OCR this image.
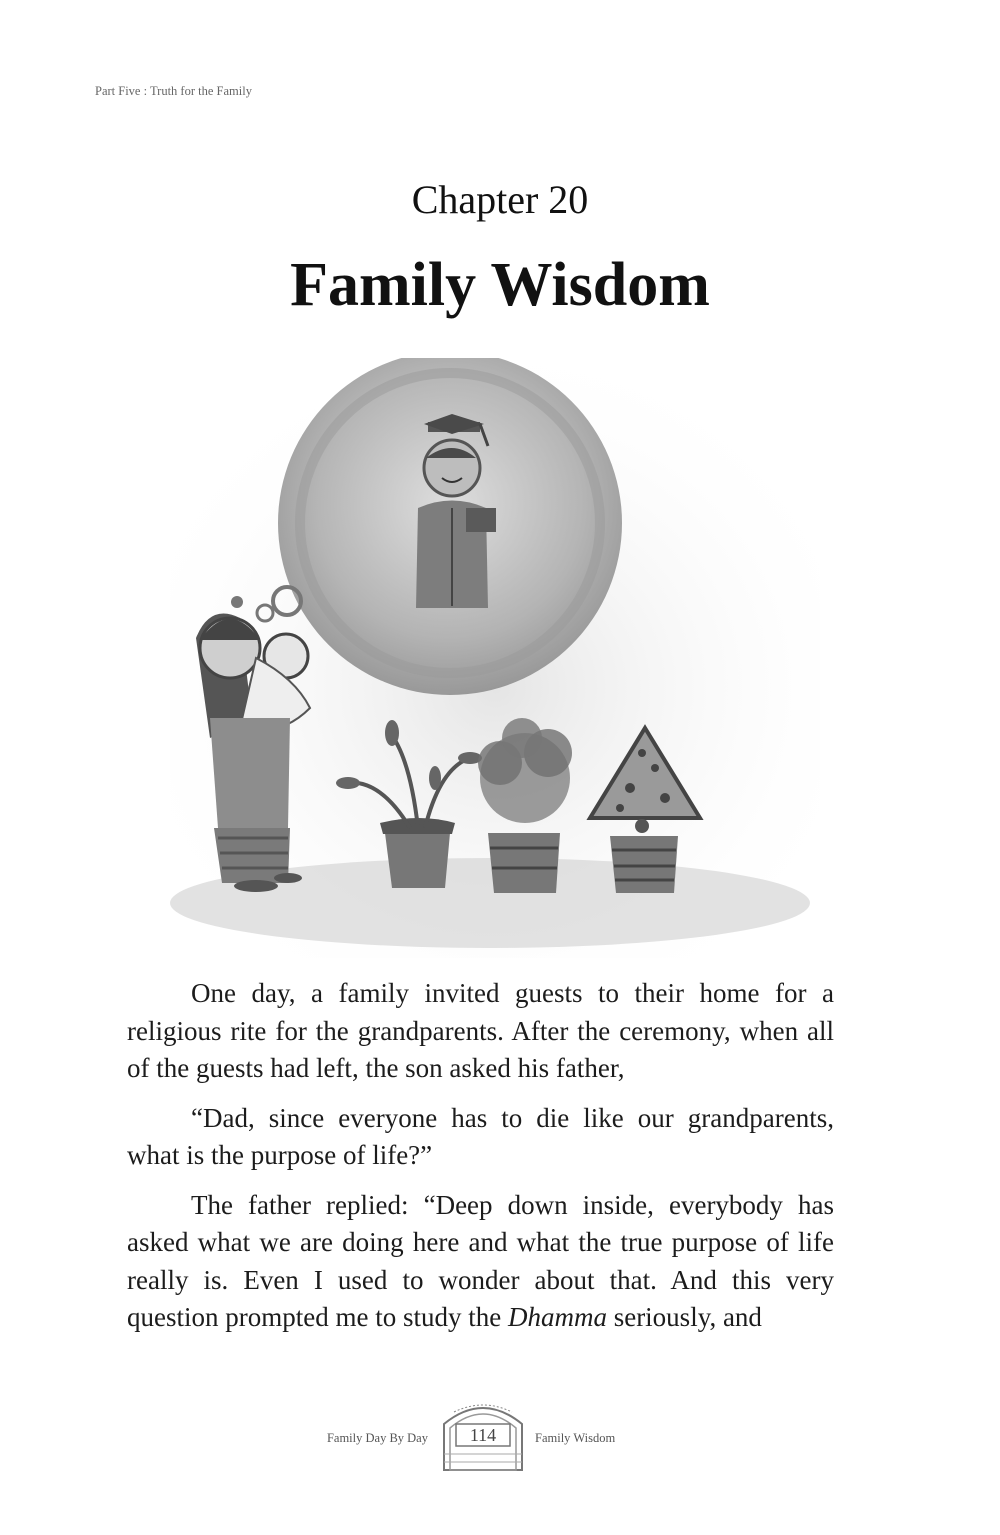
Part Five : Truth for the Family
Chapter 20
Family Wisdom

One day, a family invited guests to their home for a religious rite for the grandparents. After the ceremony, when all of the guests had left, the son asked his father,

“Dad, since everyone has to die like our grandparents, what is the purpose of life?”

The father replied: “Deep down inside, everybody has asked what we are doing here and what the true purpose of life really is. Even I used to wonder about that. And this very question prompted me to study the Dhamma seriously, and

Family Day By Day	114	Family Wisdom
